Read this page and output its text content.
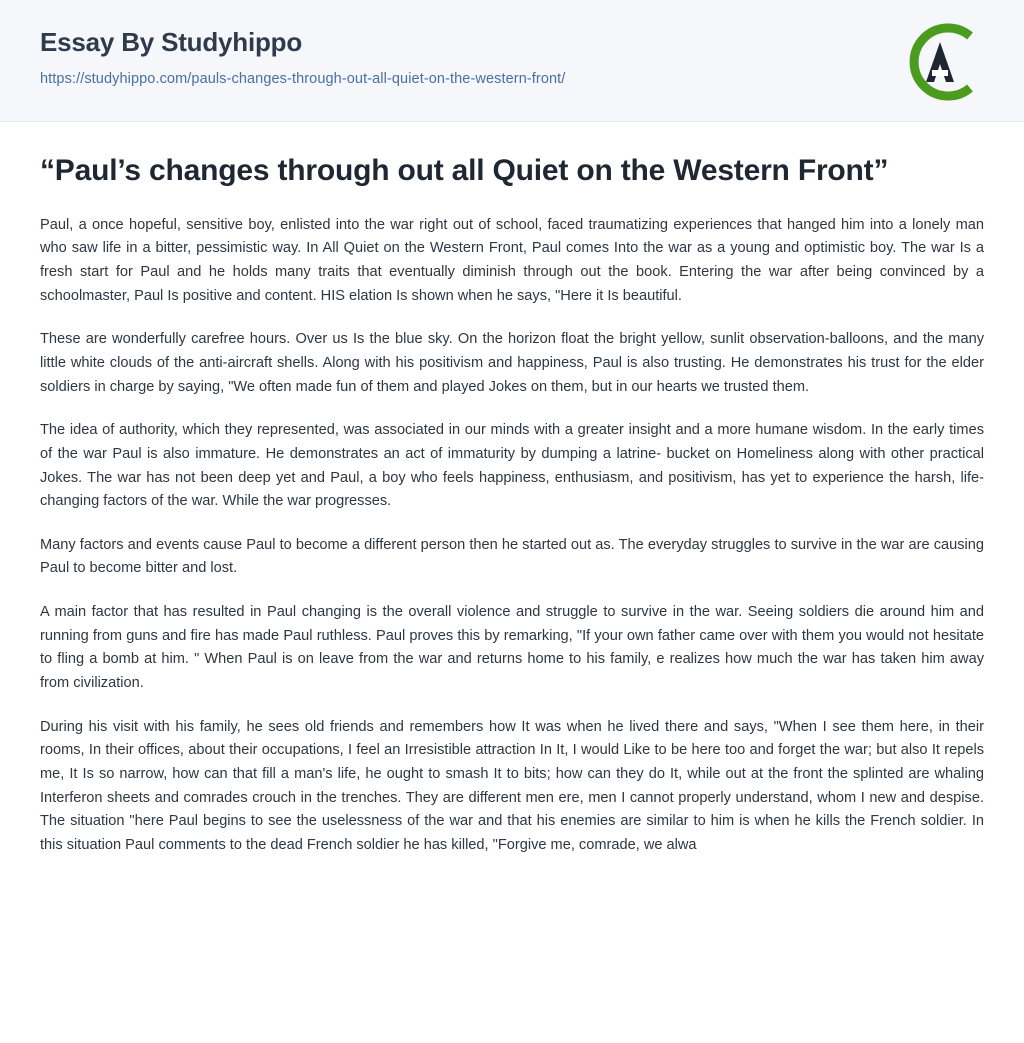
Essay By Studyhippo
https://studyhippo.com/pauls-changes-through-out-all-quiet-on-the-western-front/
“Paul’s changes through out all Quiet on the Western Front”

Paul, a once hopeful, sensitive boy, enlisted into the war right out of school, faced traumatizing experiences that hanged him into a lonely man who saw life in a bitter, pessimistic way. In All Quiet on the Western Front, Paul comes Into the war as a young and optimistic boy. The war Is a fresh start for Paul and he holds many traits that eventually diminish through out the book. Entering the war after being convinced by a schoolmaster, Paul Is positive and content. HIS elation Is shown when he says, "Here it Is beautiful.

These are wonderfully carefree hours. Over us Is the blue sky. On the horizon float the bright yellow, sunlit observation-balloons, and the many little white clouds of the anti-aircraft shells. Along with his positivism and happiness, Paul is also trusting. He demonstrates his trust for the elder soldiers in charge by saying, "We often made fun of them and played Jokes on them, but in our hearts we trusted them.

The idea of authority, which they represented, was associated in our minds with a greater insight and a more humane wisdom. In the early times of the war Paul is also immature. He demonstrates an act of immaturity by dumping a latrine- bucket on Homeliness along with other practical Jokes. The war has not been deep yet and Paul, a boy who feels happiness, enthusiasm, and positivism, has yet to experience the harsh, life-changing factors of the war. While the war progresses.

Many factors and events cause Paul to become a different person then he started out as. The everyday struggles to survive in the war are causing Paul to become bitter and lost.

A main factor that has resulted in Paul changing is the overall violence and struggle to survive in the war. Seeing soldiers die around him and running from guns and fire has made Paul ruthless. Paul proves this by remarking, "If your own father came over with them you would not hesitate to fling a bomb at him. " When Paul is on leave from the war and returns home to his family, e realizes how much the war has taken him away from civilization.

During his visit with his family, he sees old friends and remembers how It was when he lived there and says, "When I see them here, in their rooms, In their offices, about their occupations, I feel an Irresistible attraction In It, I would Like to be here too and forget the war; but also It repels me, It Is so narrow, how can that fill a man's life, he ought to smash It to bits; how can they do It, while out at the front the splinted are whaling Interferon sheets and comrades crouch in the trenches. They are different men ere, men I cannot properly understand, whom I new and despise. The situation "here Paul begins to see the uselessness of the war and that his enemies are similar to him is when he kills the French soldier. In this situation Paul comments to the dead French soldier he has killed, "Forgive me, comrade, we alwa
